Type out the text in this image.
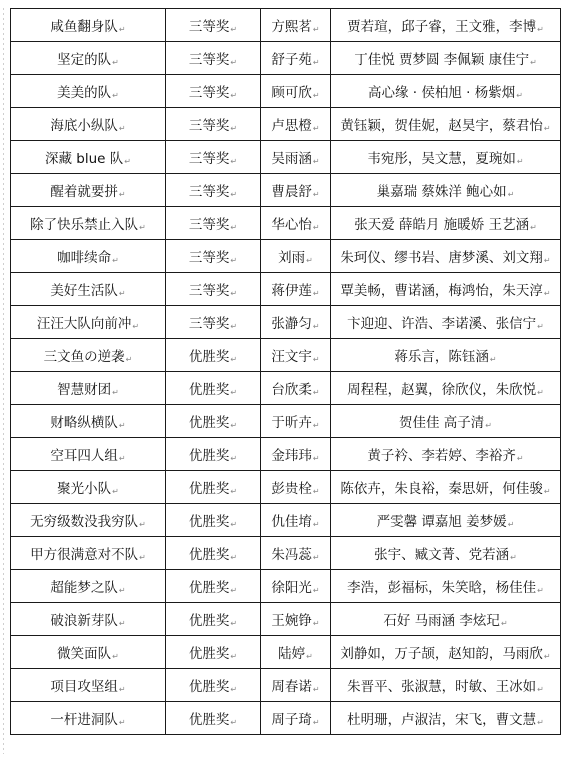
咸鱼翻身队↵	三等奖↵	方熙茗↵	贾若瑄，邱子睿，王文雅，李博↵
坚定的队↵	三等奖↵	舒子苑↵	丁佳悦 贾梦圆 李佩颖 康佳宁↵
美美的队↵	三等奖↵	顾可欣↵	高心缘 · 侯柏旭 · 杨紫烟↵
海底小纵队↵	三等奖↵	卢思橙↵	黄钰颖，贺佳妮，赵昊宇，蔡君怡↵
深藏 blue 队↵	三等奖↵	吴雨涵↵	韦宛彤，吴文慧，夏琬如↵
醒着就要拼↵	三等奖↵	曹晨舒↵	巢嘉瑞 蔡姝洋 鲍心如↵
除了快乐禁止入队↵	三等奖↵	华心怡↵	张天爱 薛皓月 施暖娇 王艺涵↵
咖啡续命↵	三等奖↵	刘雨↵	朱珂仪、缪书岩、唐梦溪、刘文翔↵
美好生活队↵	三等奖↵	蒋伊莲↵	覃美畅，曹诺涵，梅鸿怡，朱天淳↵
汪汪大队向前冲↵	三等奖↵	张瀞匀↵	卞迎迎、许浩、李诺溪、张信宁↵
三文鱼の逆袭↵	优胜奖↵	汪文宇↵	蒋乐言，陈钰涵↵
智慧财团↵	优胜奖↵	台欣柔↵	周程程，赵翼，徐欣仪，朱欣悦↵
财略纵横队↵	优胜奖↵	于昕卉↵	贺佳佳 高子清↵
空耳四人组↵	优胜奖↵	金玮玮↵	黄子衿、李若婷、李裕齐↵
聚光小队↵	优胜奖↵	彭贵栓↵	陈依卉，朱良裕，秦思妍，何佳骏↵
无穷级数没我穷队↵	优胜奖↵	仇佳堉↵	严雯馨 谭嘉旭 姜梦媛↵
甲方很满意对不队↵	优胜奖↵	朱冯蕊↵	张宇、臧文菁、党若涵↵
超能梦之队↵	优胜奖↵	徐阳光↵	李浩，彭福标，朱笑晗，杨佳佳↵
破浪新芽队↵	优胜奖↵	王婉铮↵	石好 马雨涵 李炫玘↵
微笑面队↵	优胜奖↵	陆婷↵	刘静如，万子颉，赵知韵，马雨欣↵
项目攻坚组↵	优胜奖↵	周春诺↵	朱晋平、张淑慧，时敏、王冰如↵
一杆进洞队↵	优胜奖↵	周子琦↵	杜明珊，卢淑洁，宋飞，曹文慧↵
